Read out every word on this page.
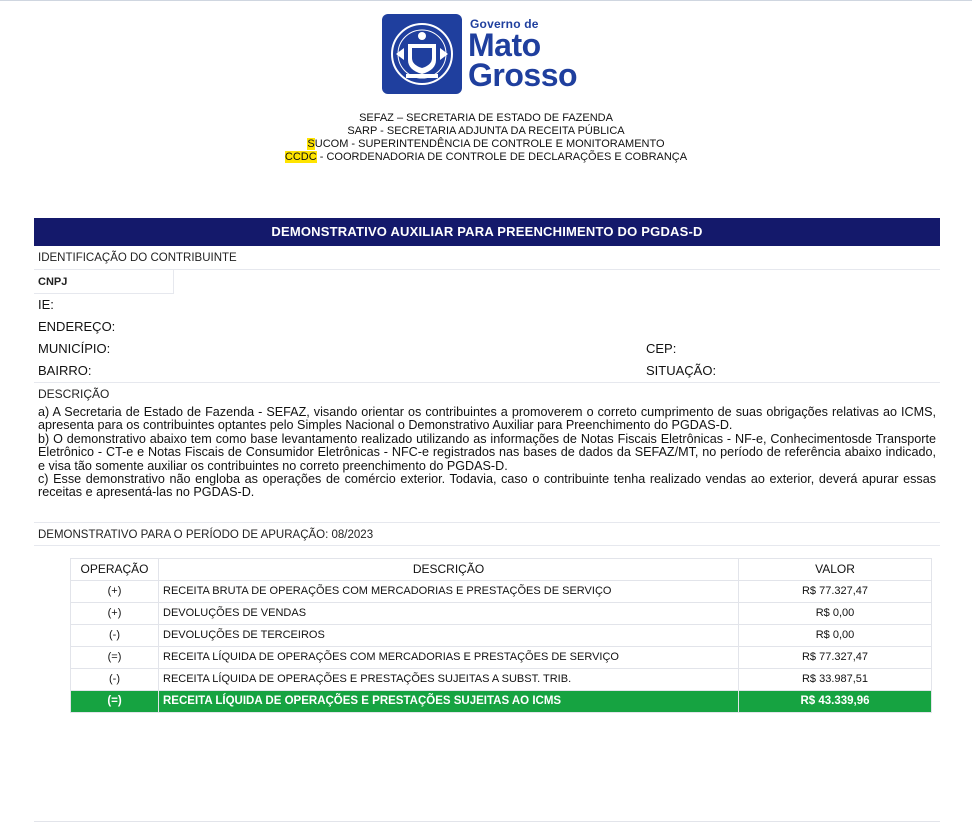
Governo de
Mato
Grosso
SEFAZ – SECRETARIA DE ESTADO DE FAZENDA
SARP - SECRETARIA ADJUNTA DA RECEITA PÚBLICA
SUCOM - SUPERINTENDÊNCIA DE CONTROLE E MONITORAMENTO
CCDC - COORDENADORIA DE CONTROLE DE DECLARAÇÕES E COBRANÇA
DEMONSTRATIVO AUXILIAR PARA PREENCHIMENTO DO PGDAS-D
IDENTIFICAÇÃO DO CONTRIBUINTE
CNPJ
IE:
ENDEREÇO:
MUNICÍPIO:	CEP:
BAIRRO:	SITUAÇÃO:
DESCRIÇÃO

a) A Secretaria de Estado de Fazenda - SEFAZ, visando orientar os contribuintes a promoverem o correto cumprimento de suas obrigações relativas ao ICMS, apresenta para os contribuintes optantes pelo Simples Nacional o Demonstrativo Auxiliar para Preenchimento do PGDAS-D.

b) O demonstrativo abaixo tem como base levantamento realizado utilizando as informações de Notas Fiscais Eletrônicas - NF-e, Conhecimentosde Transporte Eletrônico - CT-e e Notas Fiscais de Consumidor Eletrônicas - NFC-e registrados nas bases de dados da SEFAZ/MT, no período de referência abaixo indicado, e visa tão somente auxiliar os contribuintes no correto preenchimento do PGDAS-D.

c) Esse demonstrativo não engloba as operações de comércio exterior. Todavia, caso o contribuinte tenha realizado vendas ao exterior, deverá apurar essas receitas e apresentá-las no PGDAS-D.

DEMONSTRATIVO PARA O PERÍODO DE APURAÇÃO: 08/2023
OPERAÇÃO	DESCRIÇÃO	VALOR
(+)	RECEITA BRUTA DE OPERAÇÕES COM MERCADORIAS E PRESTAÇÕES DE SERVIÇO	R$ 77.327,47
(+)	DEVOLUÇÕES DE VENDAS	R$ 0,00
(-)	DEVOLUÇÕES DE TERCEIROS	R$ 0,00
(=)	RECEITA LÍQUIDA DE OPERAÇÕES COM MERCADORIAS E PRESTAÇÕES DE SERVIÇO	R$ 77.327,47
(-)	RECEITA LÍQUIDA DE OPERAÇÕES E PRESTAÇÕES SUJEITAS A SUBST. TRIB.	R$ 33.987,51
(=)	RECEITA LÍQUIDA DE OPERAÇÕES E PRESTAÇÕES SUJEITAS AO ICMS	R$ 43.339,96
